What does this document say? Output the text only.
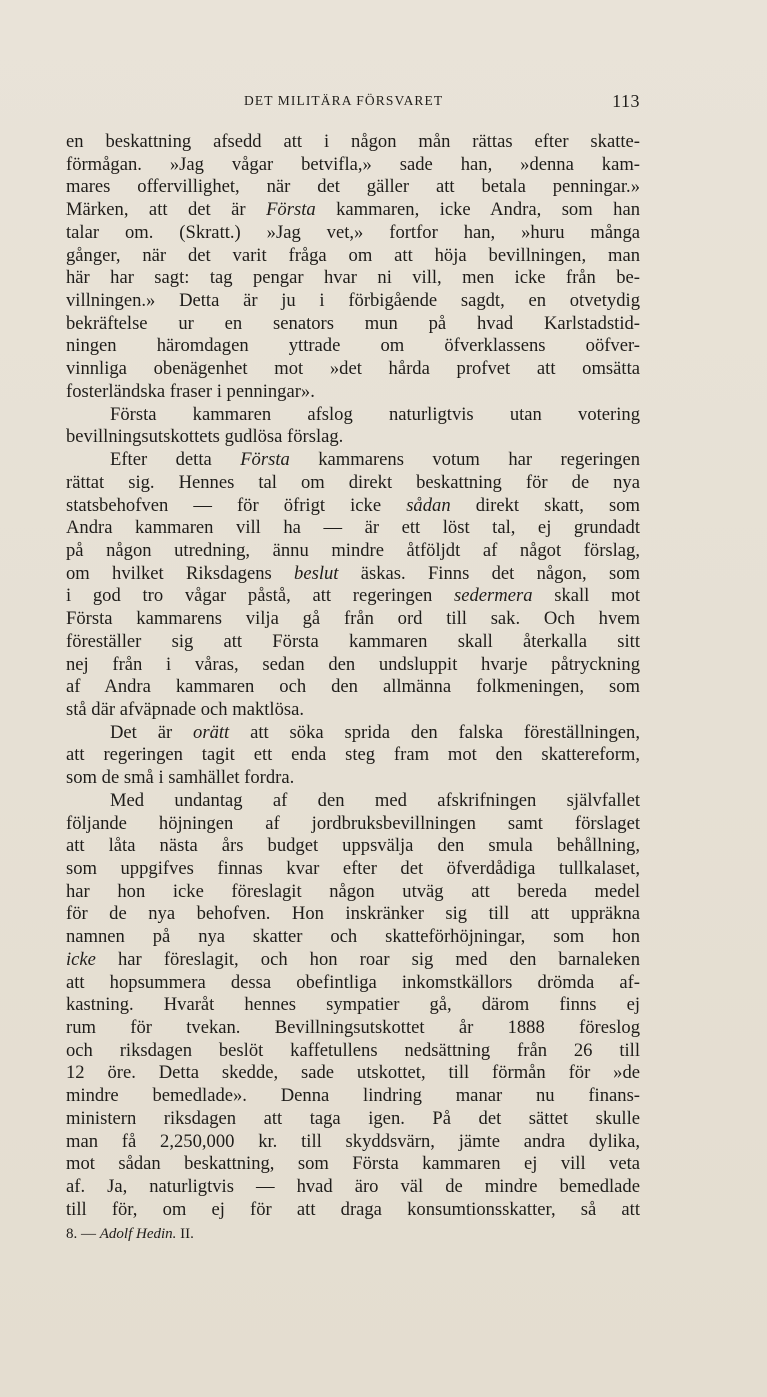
DET MILITÄRA FÖRSVARET	113
en beskattning afsedd att i någon mån rättas efter skatte-
förmågan. »Jag vågar betvifla,» sade han, »denna kam-
mares offervillighet, när det gäller att betala penningar.»
Märken, att det är Första kammaren, icke Andra, som han
talar om. (Skratt.) »Jag vet,» fortfor han, »huru många
gånger, när det varit fråga om att höja bevillningen, man
här har sagt: tag pengar hvar ni vill, men icke från be-
villningen.» Detta är ju i förbigående sagdt, en otvetydig
bekräftelse ur en senators mun på hvad Karlstadstid-
ningen häromdagen yttrade om öfverklassens oöfver-
vinnliga obenägenhet mot »det hårda profvet att omsätta
fosterländska fraser i penningar».
Första kammaren afslog naturligtvis utan votering
bevillningsutskottets gudlösa förslag.
Efter detta Första kammarens votum har regeringen
rättat sig. Hennes tal om direkt beskattning för de nya
statsbehofven — för öfrigt icke sådan direkt skatt, som
Andra kammaren vill ha — är ett löst tal, ej grundadt
på någon utredning, ännu mindre åtföljdt af något förslag,
om hvilket Riksdagens beslut äskas. Finns det någon, som
i god tro vågar påstå, att regeringen sedermera skall mot
Första kammarens vilja gå från ord till sak. Och hvem
föreställer sig att Första kammaren skall återkalla sitt
nej från i våras, sedan den undsluppit hvarje påtryckning
af Andra kammaren och den allmänna folkmeningen, som
stå där afväpnade och maktlösa.
Det är orätt att söka sprida den falska föreställningen,
att regeringen tagit ett enda steg fram mot den skattereform,
som de små i samhället fordra.
Med undantag af den med afskrifningen självfallet
följande höjningen af jordbruksbevillningen samt förslaget
att låta nästa års budget uppsvälja den smula behållning,
som uppgifves finnas kvar efter det öfverdådiga tullkalaset,
har hon icke föreslagit någon utväg att bereda medel
för de nya behofven. Hon inskränker sig till att uppräkna
namnen på nya skatter och skatteförhöjningar, som hon
icke har föreslagit, och hon roar sig med den barnaleken
att hopsummera dessa obefintliga inkomstkällors drömda af-
kastning. Hvaråt hennes sympatier gå, därom finns ej
rum för tvekan. Bevillningsutskottet år 1888 föreslog
och riksdagen beslöt kaffetullens nedsättning från 26 till
12 öre. Detta skedde, sade utskottet, till förmån för »de
mindre bemedlade». Denna lindring manar nu finans-
ministern riksdagen att taga igen. På det sättet skulle
man få 2,250,000 kr. till skyddsvärn, jämte andra dylika,
mot sådan beskattning, som Första kammaren ej vill veta
af. Ja, naturligtvis — hvad äro väl de mindre bemedlade
till för, om ej för att draga konsumtionsskatter, så att
8. — Adolf Hedin. II.
